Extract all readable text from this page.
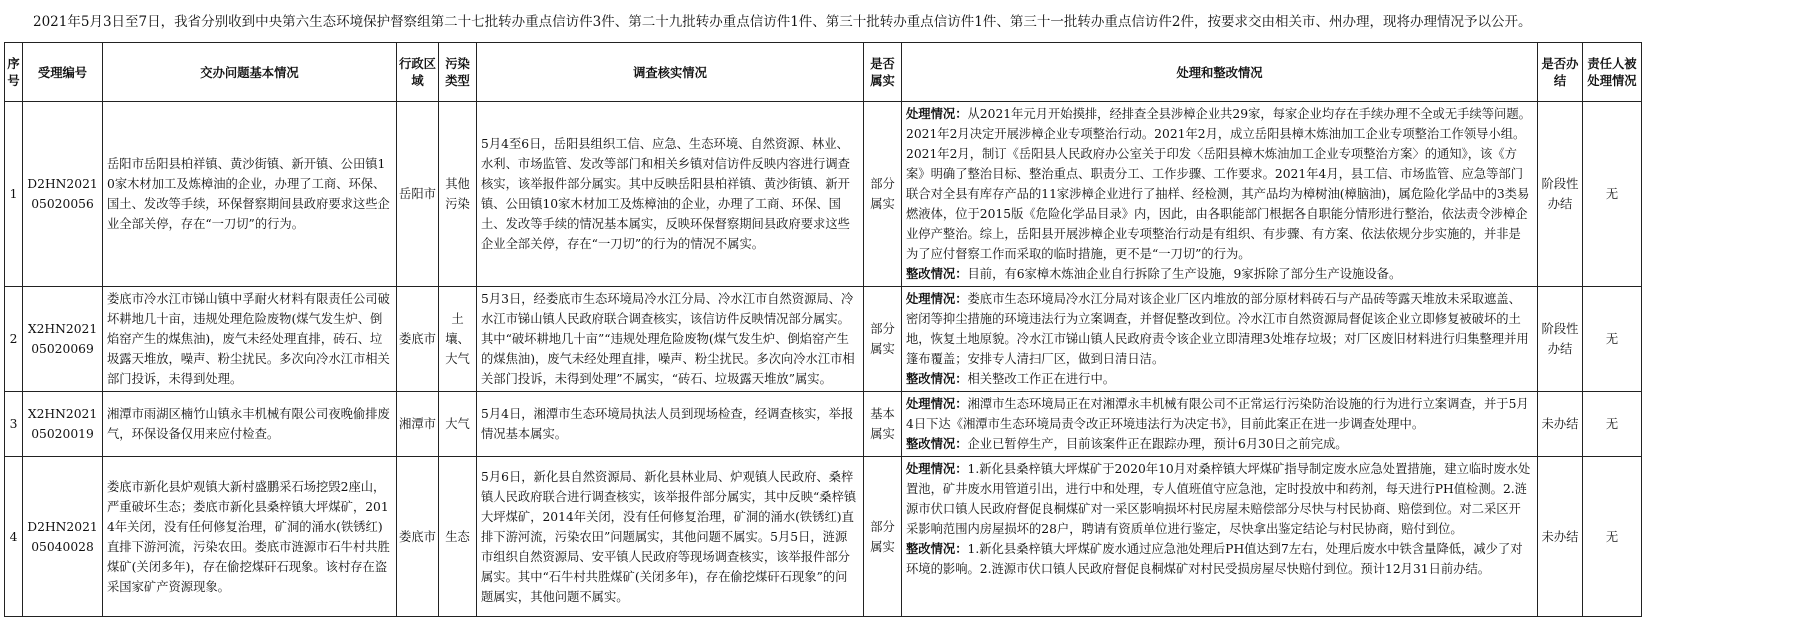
2021年5月3日至7日，我省分别收到中央第六生态环境保护督察组第二十七批转办重点信访件3件、第二十九批转办重点信访件1件、第三十批转办重点信访件1件、第三十一批转办重点信访件2件，按要求交由相关市、州办理，现将办理情况予以公开。
序号	受理编号	交办问题基本情况	行政区域	污染类型	调查核实情况	是否属实	处理和整改情况	是否办结	责任人被处理情况
1	D2HN202105020056	岳阳市岳阳县柏祥镇、黄沙街镇、新开镇、公田镇10家木材加工及炼樟油的企业，办理了工商、环保、国土、发改等手续，环保督察期间县政府要求这些企业全部关停，存在“一刀切”的行为。	岳阳市	其他污染	5月4至6日，岳阳县组织工信、应急、生态环境、自然资源、林业、水利、市场监管、发改等部门和相关乡镇对信访件反映内容进行调查核实，该举报件部分属实。其中反映岳阳县柏祥镇、黄沙街镇、新开镇、公田镇10家木材加工及炼樟油的企业，办理了工商、环保、国土、发改等手续的情况基本属实，反映环保督察期间县政府要求这些企业全部关停，存在“一刀切”的行为的情况不属实。	部分属实	处理情况：从2021年元月开始摸排，经排查全县涉樟企业共29家，每家企业均存在手续办理不全或无手续等问题。2021年2月决定开展涉樟企业专项整治行动。2021年2月，成立岳阳县樟木炼油加工企业专项整治工作领导小组。2021年2月，制订《岳阳县人民政府办公室关于印发〈岳阳县樟木炼油加工企业专项整治方案〉的通知》，该《方案》明确了整治目标、整治重点、职责分工、工作步骤、工作要求。2021年4月，县工信、市场监管、应急等部门联合对全县有库存产品的11家涉樟企业进行了抽样、经检测，其产品均为樟树油(樟脑油)，属危险化学品中的3类易燃液体，位于2015版《危险化学品目录》内，因此，由各职能部门根据各自职能分情形进行整治，依法责令涉樟企业停产整治。综上，岳阳县开展涉樟企业专项整治行动是有组织、有步骤、有方案、依法依规分步实施的，并非是为了应付督察工作而采取的临时措施，更不是“一刀切”的行为。
整改情况：目前，有6家樟木炼油企业自行拆除了生产设施，9家拆除了部分生产设施设备。	阶段性办结	无
2	X2HN202105020069	娄底市冷水江市锑山镇中孚耐火材料有限责任公司破坏耕地几十亩，违规处理危险废物(煤气发生炉、倒焰窑产生的煤焦油)，废气未经处理直排，砖石、垃圾露天堆放，噪声、粉尘扰民。多次向冷水江市相关部门投诉，未得到处理。	娄底市	土壤、大气	5月3日，经娄底市生态环境局冷水江分局、冷水江市自然资源局、冷水江市锑山镇人民政府联合调查核实，该信访件反映情况部分属实。其中“破坏耕地几十亩”“违规处理危险废物(煤气发生炉、倒焰窑产生的煤焦油)，废气未经处理直排，噪声、粉尘扰民。多次向冷水江市相关部门投诉，未得到处理”不属实，“砖石、垃圾露天堆放”属实。	部分属实	处理情况：娄底市生态环境局冷水江分局对该企业厂区内堆放的部分原材料砖石与产品砖等露天堆放未采取遮盖、密闭等抑尘措施的环境违法行为立案调查，并督促整改到位。冷水江市自然资源局督促该企业立即修复被破坏的土地，恢复土地原貌。冷水江市锑山镇人民政府责令该企业立即清理3处堆存垃圾；对厂区废旧材料进行归集整理并用篷布覆盖；安排专人清扫厂区，做到日清日洁。
整改情况：相关整改工作正在进行中。	阶段性办结	无
3	X2HN202105020019	湘潭市雨湖区楠竹山镇永丰机械有限公司夜晚偷排废气，环保设备仅用来应付检查。	湘潭市	大气	5月4日，湘潭市生态环境局执法人员到现场检查，经调查核实，举报情况基本属实。	基本属实	处理情况：湘潭市生态环境局正在对湘潭永丰机械有限公司不正常运行污染防治设施的行为进行立案调查，并于5月4日下达《湘潭市生态环境局责令改正环境违法行为决定书》，目前此案正在进一步调查处理中。
整改情况：企业已暂停生产，目前该案件正在跟踪办理，预计6月30日之前完成。	未办结	无
4	D2HN202105040028	娄底市新化县炉观镇大新村盛鹏采石场挖毁2座山，严重破坏生态；娄底市新化县桑梓镇大坪煤矿，2014年关闭，没有任何修复治理，矿洞的涌水(铁锈红)直排下游河流，污染农田。娄底市涟源市石牛村共胜煤矿(关闭多年)，存在偷挖煤矸石现象。该村存在盗采国家矿产资源现象。	娄底市	生态	5月6日，新化县自然资源局、新化县林业局、炉观镇人民政府、桑梓镇人民政府联合进行调查核实，该举报件部分属实，其中反映“桑梓镇大坪煤矿，2014年关闭，没有任何修复治理，矿洞的涌水(铁锈红)直排下游河流，污染农田”问题属实，其他问题不属实。5月5日，涟源市组织自然资源局、安平镇人民政府等现场调查核实，该举报件部分属实。其中“石牛村共胜煤矿(关闭多年)，存在偷挖煤矸石现象”的问题属实，其他问题不属实。	部分属实	处理情况：1.新化县桑梓镇大坪煤矿于2020年10月对桑梓镇大坪煤矿指导制定废水应急处置措施，建立临时废水处置池，矿井废水用管道引出，进行中和处理，专人值班值守应急池，定时投放中和药剂，每天进行PH值检测。2.涟源市伏口镇人民政府督促良桐煤矿对一采区影响损坏村民房屋未赔偿部分尽快与村民协商、赔偿到位。对二采区开采影响范围内房屋损坏的28户，聘请有资质单位进行鉴定，尽快拿出鉴定结论与村民协商，赔付到位。
整改情况：1.新化县桑梓镇大坪煤矿废水通过应急池处理后PH值达到7左右，处理后废水中铁含量降低，减少了对环境的影响。2.涟源市伏口镇人民政府督促良桐煤矿对村民受损房屋尽快赔付到位。预计12月31日前办结。	未办结	无
